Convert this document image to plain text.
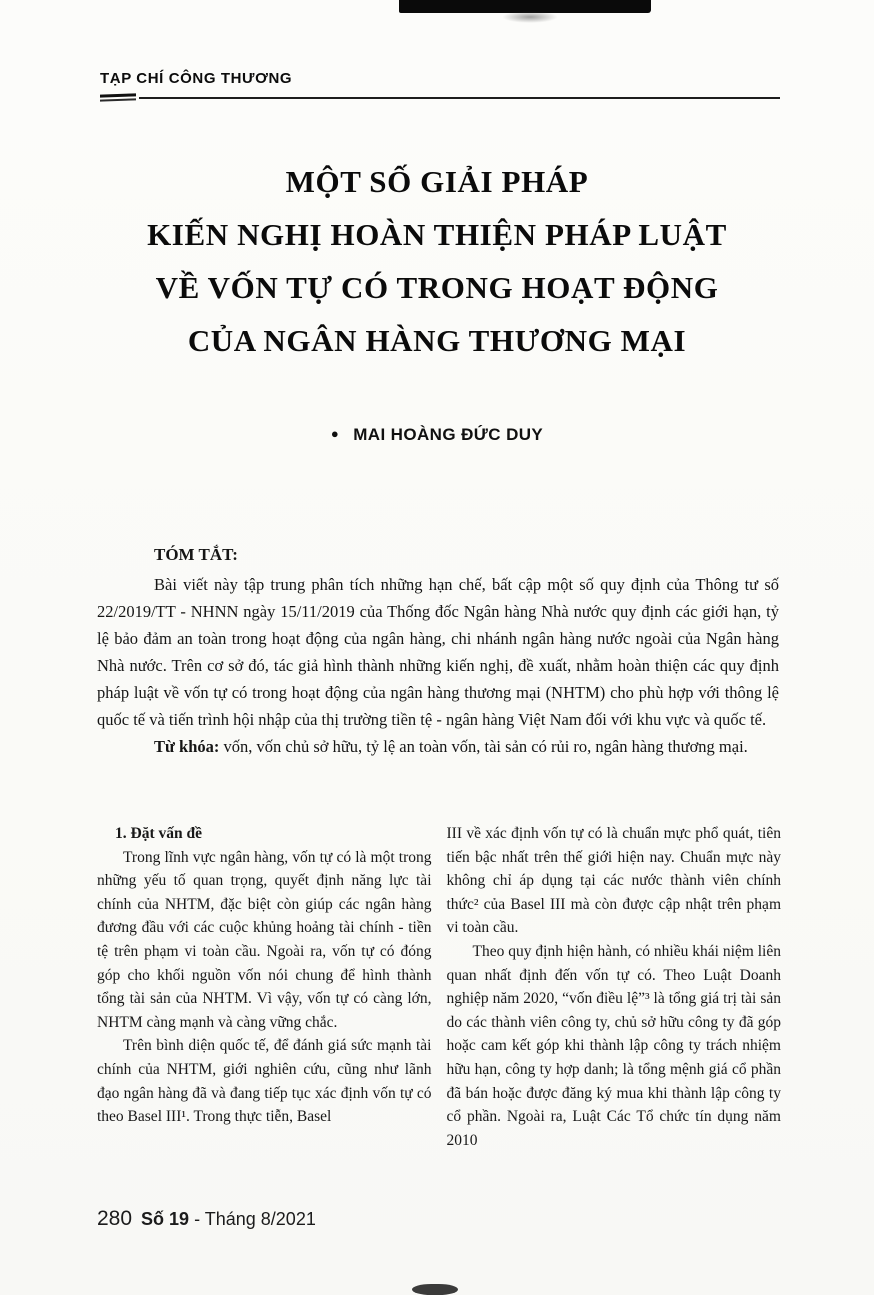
TẠP CHÍ CÔNG THƯƠNG
MỘT SỐ GIẢI PHÁP
KIẾN NGHỊ HOÀN THIỆN PHÁP LUẬT
VỀ VỐN TỰ CÓ TRONG HOẠT ĐỘNG
CỦA NGÂN HÀNG THƯƠNG MẠI
● MAI HOÀNG ĐỨC DUY
TÓM TẮT:

Bài viết này tập trung phân tích những hạn chế, bất cập một số quy định của Thông tư số 22/2019/TT - NHNN ngày 15/11/2019 của Thống đốc Ngân hàng Nhà nước quy định các giới hạn, tỷ lệ bảo đảm an toàn trong hoạt động của ngân hàng, chi nhánh ngân hàng nước ngoài của Ngân hàng Nhà nước. Trên cơ sở đó, tác giả hình thành những kiến nghị, đề xuất, nhằm hoàn thiện các quy định pháp luật về vốn tự có trong hoạt động của ngân hàng thương mại (NHTM) cho phù hợp với thông lệ quốc tế và tiến trình hội nhập của thị trường tiền tệ - ngân hàng Việt Nam đối với khu vực và quốc tế.

Từ khóa: vốn, vốn chủ sở hữu, tỷ lệ an toàn vốn, tài sản có rủi ro, ngân hàng thương mại.

1. Đặt vấn đề

Trong lĩnh vực ngân hàng, vốn tự có là một trong những yếu tố quan trọng, quyết định năng lực tài chính của NHTM, đặc biệt còn giúp các ngân hàng đương đầu với các cuộc khủng hoảng tài chính - tiền tệ trên phạm vi toàn cầu. Ngoài ra, vốn tự có đóng góp cho khối nguồn vốn nói chung để hình thành tổng tài sản của NHTM. Vì vậy, vốn tự có càng lớn, NHTM càng mạnh và càng vững chắc.

Trên bình diện quốc tế, để đánh giá sức mạnh tài chính của NHTM, giới nghiên cứu, cũng như lãnh đạo ngân hàng đã và đang tiếp tục xác định vốn tự có theo Basel III¹. Trong thực tiễn, Basel

III về xác định vốn tự có là chuẩn mực phổ quát, tiên tiến bậc nhất trên thế giới hiện nay. Chuẩn mực này không chỉ áp dụng tại các nước thành viên chính thức² của Basel III mà còn được cập nhật trên phạm vi toàn cầu.

Theo quy định hiện hành, có nhiều khái niệm liên quan nhất định đến vốn tự có. Theo Luật Doanh nghiệp năm 2020, “vốn điều lệ”³ là tổng giá trị tài sản do các thành viên công ty, chủ sở hữu công ty đã góp hoặc cam kết góp khi thành lập công ty trách nhiệm hữu hạn, công ty hợp danh; là tổng mệnh giá cổ phần đã bán hoặc được đăng ký mua khi thành lập công ty cổ phần. Ngoài ra, Luật Các Tổ chức tín dụng năm 2010

280 Số 19 - Tháng 8/2021
